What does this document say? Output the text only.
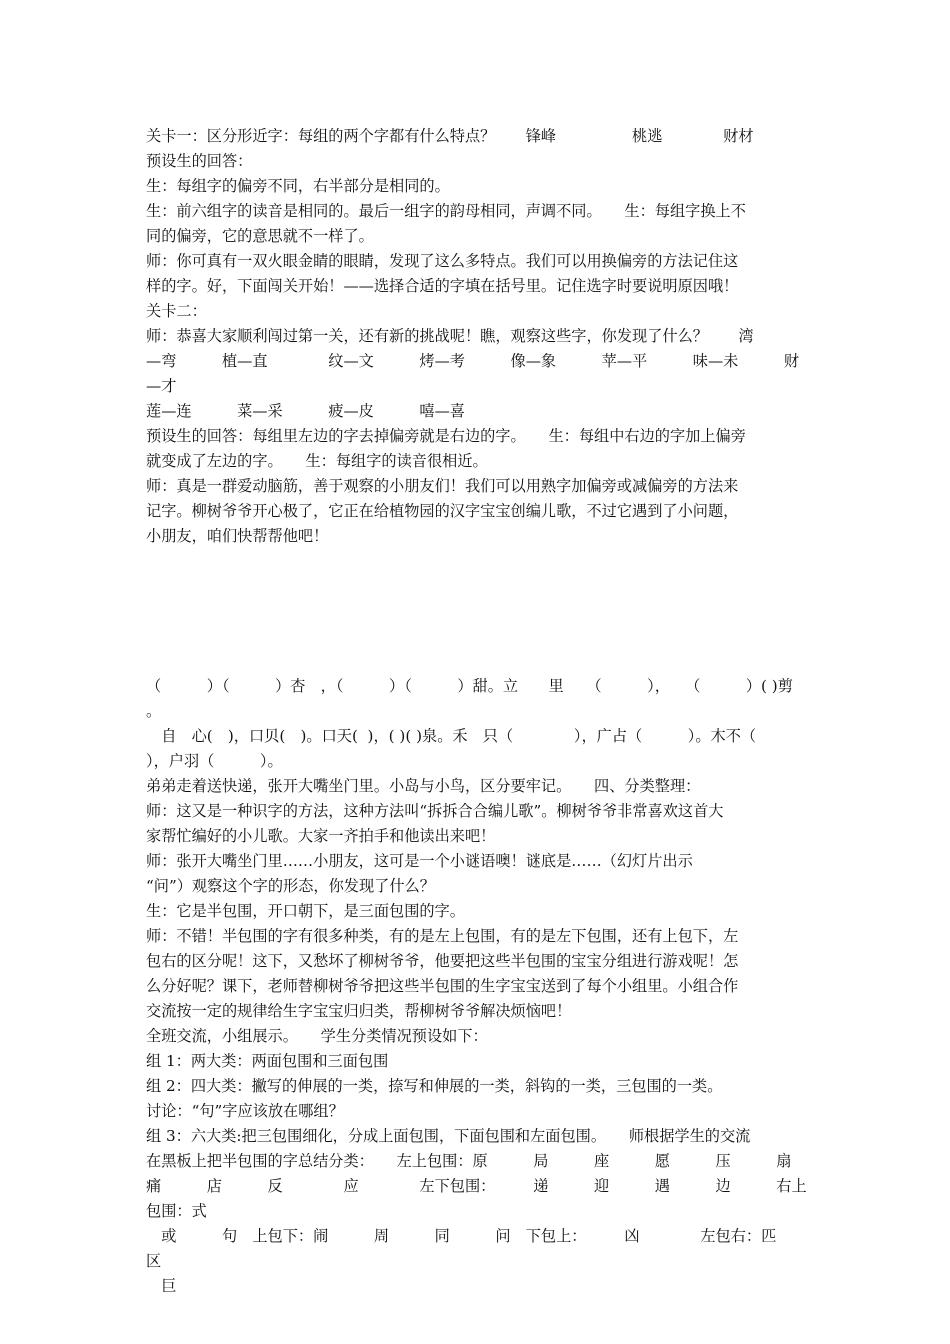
关卡一：区分形近字：每组的两个字都有什么特点？　　锋峰　　　　　桃逃　　　　财材

预设生的回答：

生：每组字的偏旁不同，右半部分是相同的。

生：前六组字的读音是相同的。最后一组字的韵母相同，声调不同。　　生：每组字换上不

同的偏旁，它的意思就不一样了。

师：你可真有一双火眼金睛的眼睛，发现了这么多特点。我们可以用换偏旁的方法记住这

样的字。好，下面闯关开始！——选择合适的字填在括号里。记住选字时要说明原因哦！

关卡二：

师：恭喜大家顺利闯过第一关，还有新的挑战呢！瞧，观察这些字，你发现了什么？　　湾

—弯　　　植—直　　　　纹—文　　　烤—考　　　像—象　　　苹—平　　　味—未　　　财—才

莲—连　　　菜—采　　　疲—皮　　　嘻—喜

预设生的回答：每组里左边的字去掉偏旁就是右边的字。　　生：每组中右边的字加上偏旁

就变成了左边的字。　　生：每组字的读音很相近。

师：真是一群爱动脑筋，善于观察的小朋友们！我们可以用熟字加偏旁或减偏旁的方法来

记字。柳树爷爷开心极了，它正在给植物园的汉字宝宝创编儿歌，不过它遇到了小问题，

小朋友，咱们快帮帮他吧！

（　　　）（　　　）杏　，（　　　）（　　　）甜。立　　里　　（　　　），　　（　　　）( )剪　　。

　自　心(　)，口贝(　)。口天(  )，( )( )泉。禾　只（　　　　），广占（　　　）。木不（

），户羽（　　　）。

弟弟走着送快递，张开大嘴坐门里。小岛与小鸟，区分要牢记。　　四、分类整理：

师：这又是一种识字的方法，这种方法叫“拆拆合合编儿歌”。柳树爷爷非常喜欢这首大

家帮忙编好的小儿歌。大家一齐拍手和他读出来吧！

师：张开大嘴坐门里……小朋友，这可是一个小谜语噢！谜底是……（幻灯片出示

“问”）观察这个字的形态，你发现了什么？

生：它是半包围，开口朝下，是三面包围的字。

师：不错！半包围的字有很多种类，有的是左上包围，有的是左下包围，还有上包下，左

包右的区分呢！这下，又愁坏了柳树爷爷，他要把这些半包围的宝宝分组进行游戏呢！怎

么分好呢？课下，老师替柳树爷爷把这些半包围的生字宝宝送到了每个小组里。小组合作

交流按一定的规律给生字宝宝归归类，帮柳树爷爷解决烦恼吧！

全班交流，小组展示。　　学生分类情况预设如下：

组 1：两大类：两面包围和三面包围

组 2：四大类：撇写的伸展的一类，捺写和伸展的一类，斜钩的一类，三包围的一类。

讨论：“句”字应该放在哪组？

组 3：六大类:把三包围细化，分成上面包围，下面包围和左面包围。　　师根据学生的交流

在黑板上把半包围的字总结分类：　　左上包围：原　　　局　　　座　　　愿　　　压　　　扇

痛　　　店　　　反　　　　应　　　　左下包围：　　　递　　　迎　　　遇　　　边　　　右上包围：式

　或　　　句　上包下：闹　　　周　　　同　　　问　下包上：　　　凶　　　　左包右：匹　　　区

　巨
